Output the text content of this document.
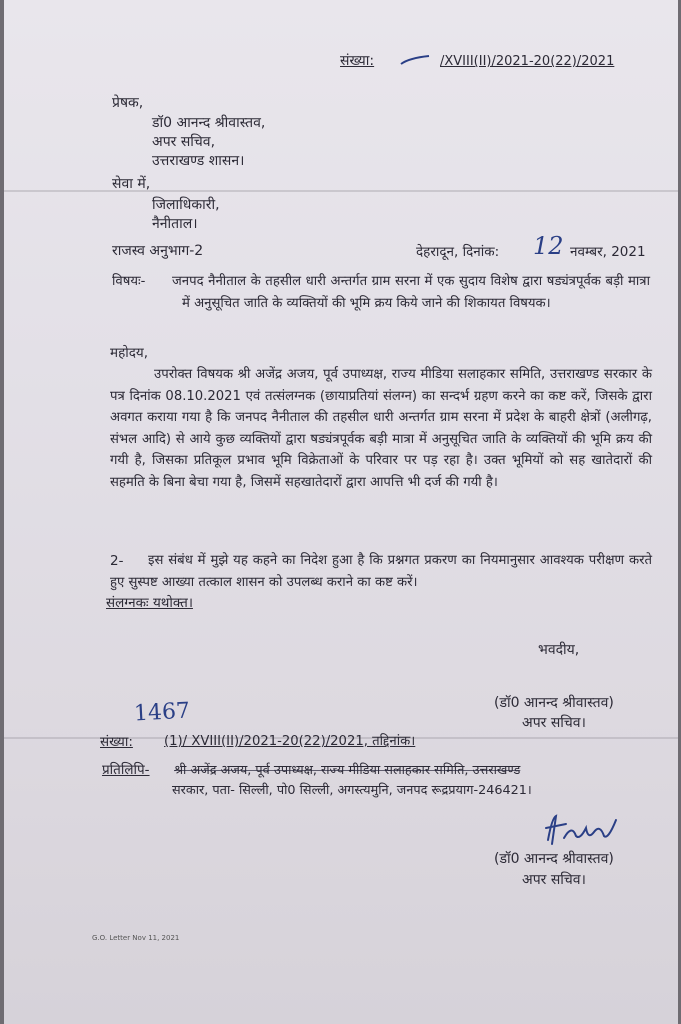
संख्या:	/XVIII(II)/2021-20(22)/2021
प्रेषक,
डॉ0 आनन्द श्रीवास्तव,
अपर सचिव,
उत्तराखण्ड शासन।
सेवा में,
जिलाधिकारी,
नैनीताल।
राजस्व अनुभाग-2	देहरादून, दिनांक: 12 नवम्बर, 2021
विषयः- जनपद नैनीताल के तहसील धारी अन्तर्गत ग्राम सरना में एक सुदाय विशेष द्वारा षड्यंत्रपूर्वक बड़ी मात्रा में अनुसूचित जाति के व्यक्तियों की भूमि क्रय किये जाने की शिकायत विषयक।
महोदय,
उपरोक्त विषयक श्री अजेंद्र अजय, पूर्व उपाध्यक्ष, राज्य मीडिया सलाहकार समिति, उत्तराखण्ड सरकार के पत्र दिनांक 08.10.2021 एवं तत्संलग्नक (छायाप्रतियां संलग्न) का सन्दर्भ ग्रहण करने का कष्ट करें, जिसके द्वारा अवगत कराया गया है कि जनपद नैनीताल की तहसील धारी अन्तर्गत ग्राम सरना में प्रदेश के बाहरी क्षेत्रों (अलीगढ़, संभल आदि) से आये कुछ व्यक्तियों द्वारा षड्यंत्रपूर्वक बड़ी मात्रा में अनुसूचित जाति के व्यक्तियों की भूमि क्रय की गयी है, जिसका प्रतिकूल प्रभाव भूमि विक्रेताओं के परिवार पर पड़ रहा है। उक्त भूमियों को सह खातेदारों की सहमति के बिना बेचा गया है, जिसमें सहखातेदारों द्वारा आपत्ति भी दर्ज की गयी है।
2-	इस संबंध में मुझे यह कहने का निदेश हुआ है कि प्रश्नगत प्रकरण का नियमानुसार आवश्यक परीक्षण करते हुए सुस्पष्ट आख्या तत्काल शासन को उपलब्ध कराने का कष्ट करें।
संलग्नकः यथोक्त।
भवदीय,
(डॉ0 आनन्द श्रीवास्तव)
अपर सचिव।
1467
संख्या: (1)/ XVIII(II)/2021-20(22)/2021, तद्दिनांक।
प्रतिलिपि- श्री अजेंद्र अजय, पूर्व उपाध्यक्ष, राज्य मीडिया सलाहकार समिति, उत्तराखण्ड
सरकार, पता- सिल्ली, पो0 सिल्ली, अगस्त्यमुनि, जनपद रूद्रप्रयाग-246421।
(डॉ0 आनन्द श्रीवास्तव)
अपर सचिव।
G.O. Letter Nov 11, 2021
